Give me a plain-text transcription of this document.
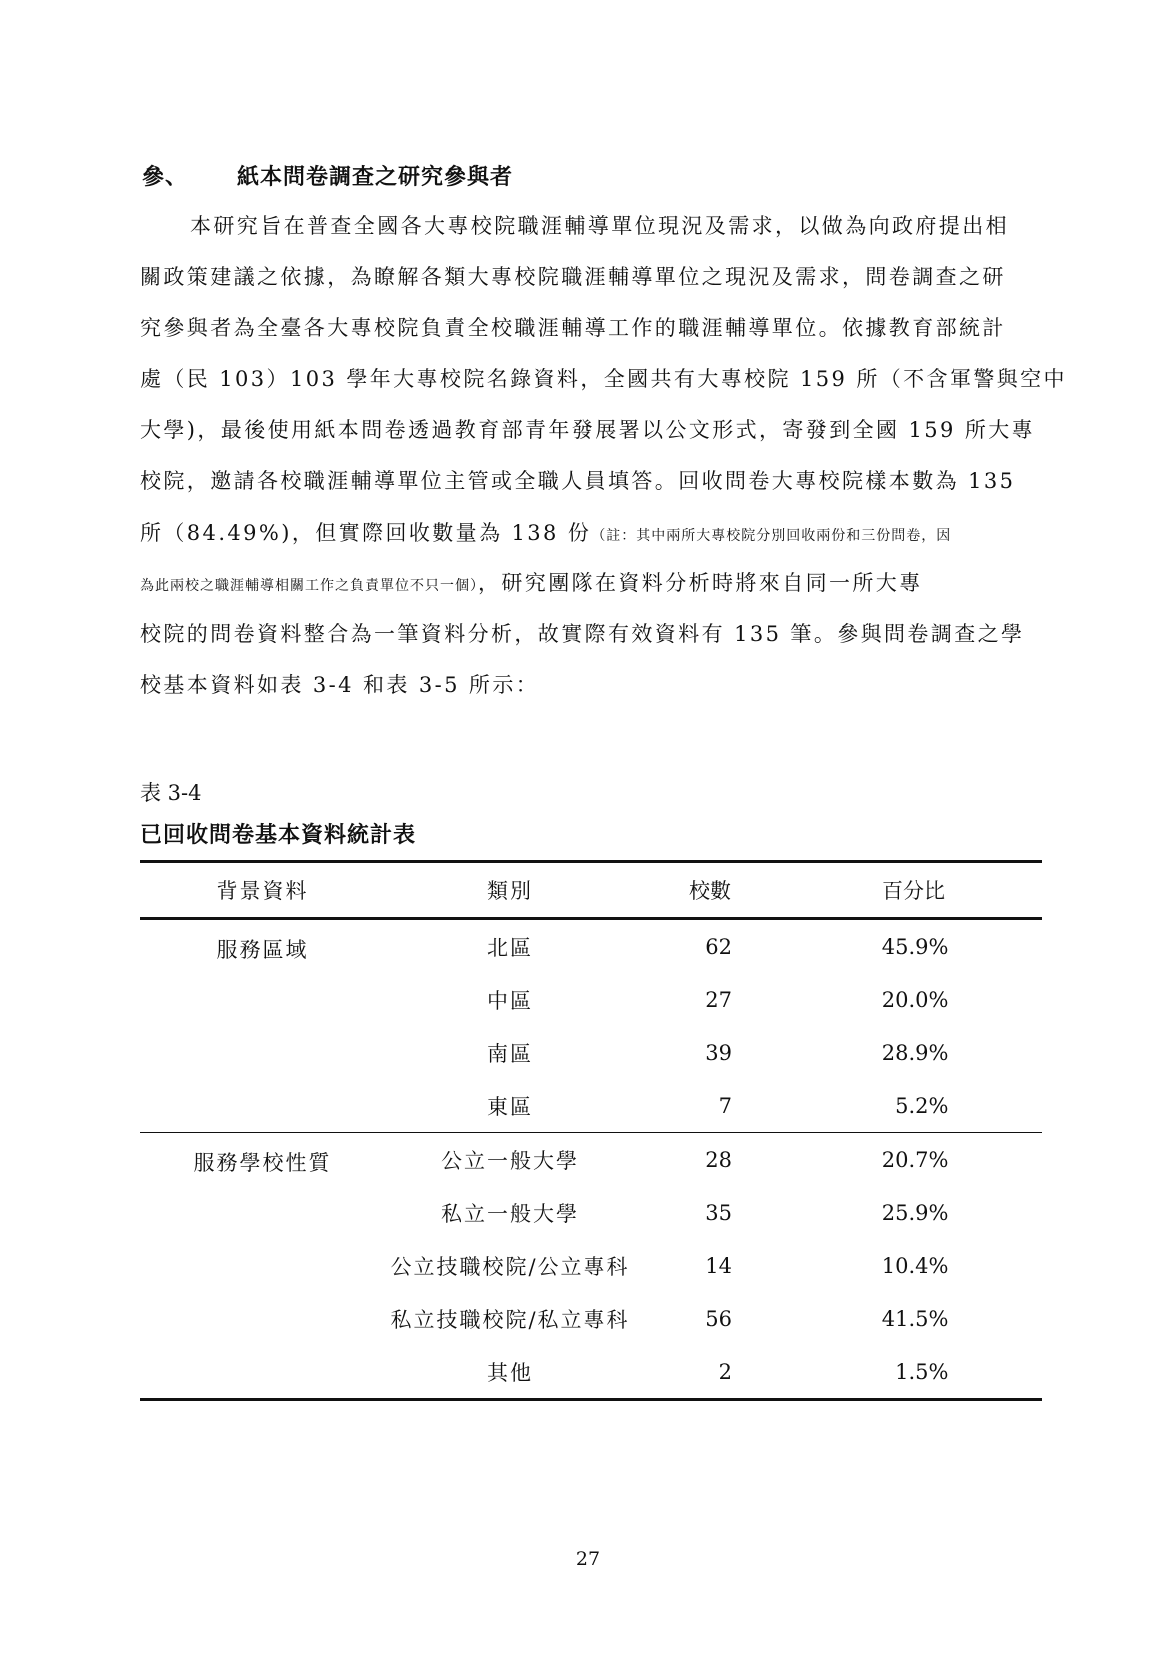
參、	紙本問卷調查之研究參與者
本研究旨在普查全國各大專校院職涯輔導單位現況及需求，以做為向政府提出相
關政策建議之依據，為瞭解各類大專校院職涯輔導單位之現況及需求，問卷調查之研
究參與者為全臺各大專校院負責全校職涯輔導工作的職涯輔導單位。依據教育部統計
處（民 103）103 學年大專校院名錄資料，全國共有大專校院 159 所（不含軍警與空中
大學)，最後使用紙本問卷透過教育部青年發展署以公文形式，寄發到全國 159 所大專
校院，邀請各校職涯輔導單位主管或全職人員填答。回收問卷大專校院樣本數為 135
所（84.49%)，但實際回收數量為 138 份（註：其中兩所大專校院分別回收兩份和三份問卷，因
為此兩校之職涯輔導相關工作之負責單位不只一個），研究團隊在資料分析時將來自同一所大專
校院的問卷資料整合為一筆資料分析，故實際有效資料有 135 筆。參與問卷調查之學
校基本資料如表 3-4 和表 3-5 所示：
表 3-4
已回收問卷基本資料統計表
背景資料	類別	校數	百分比
服務區域	北區	62	45.9%
	中區	27	20.0%
	南區	39	28.9%
	東區	7	5.2%
服務學校性質	公立一般大學	28	20.7%
	私立一般大學	35	25.9%
	公立技職校院/公立專科	14	10.4%
	私立技職校院/私立專科	56	41.5%
	其他	2	1.5%
27
